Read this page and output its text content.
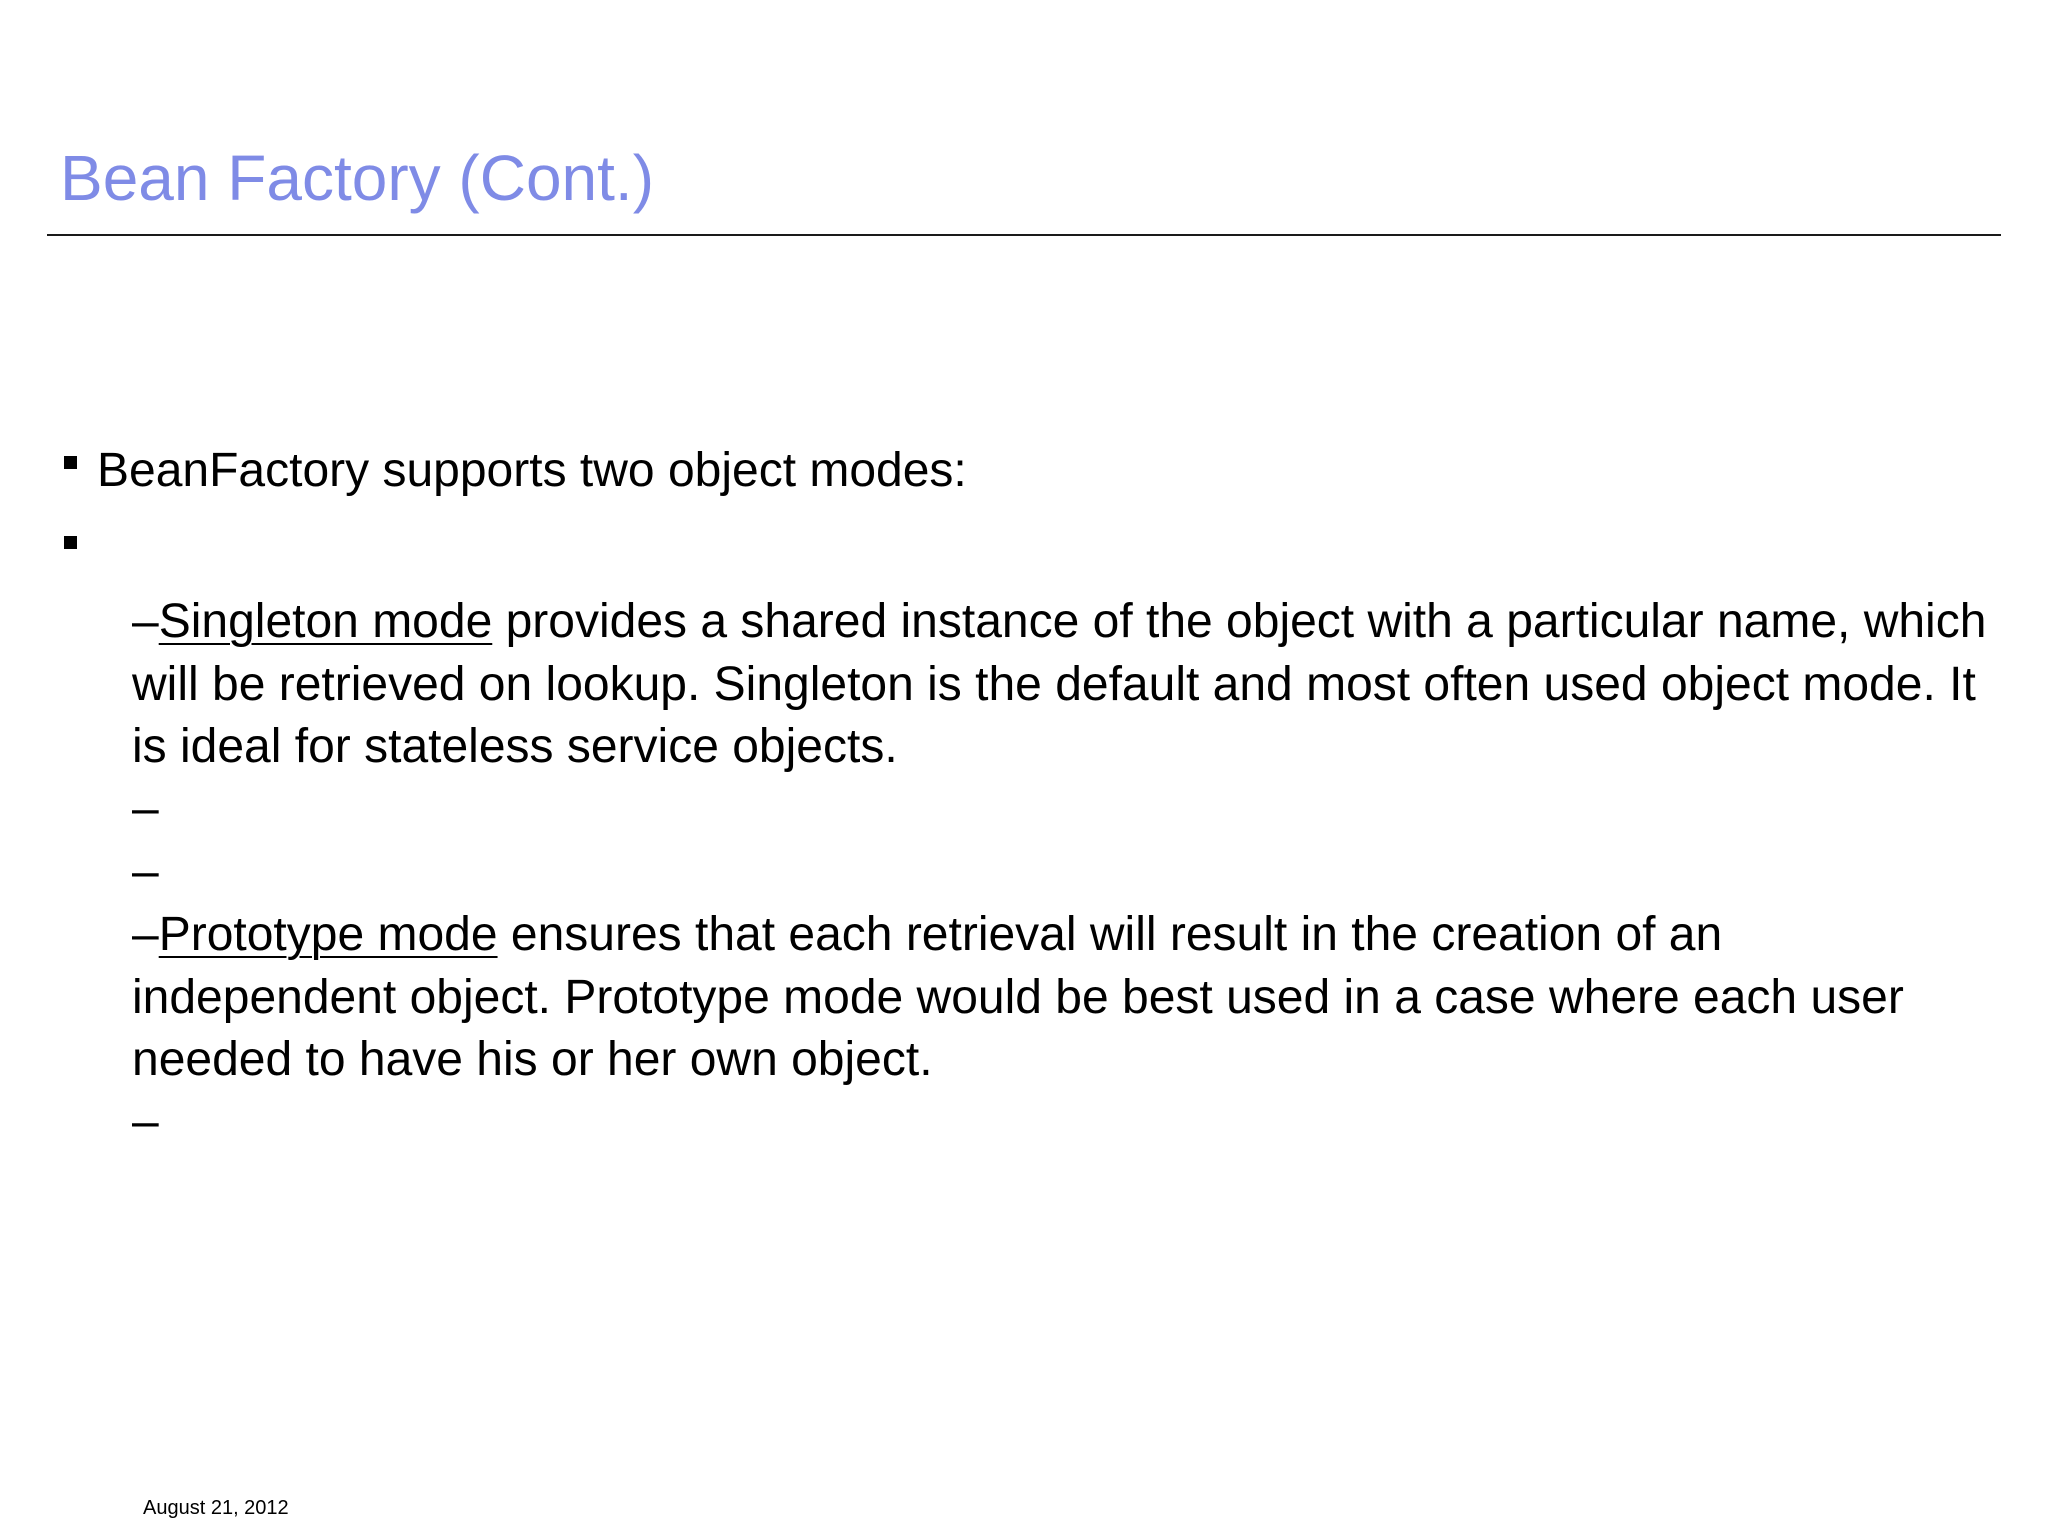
Bean Factory (Cont.)
BeanFactory supports two object modes:
–Singleton mode provides a shared instance of the object with a particular name, which will be retrieved on lookup. Singleton is the default and most often used object mode. It is ideal for stateless service objects.
–
–
–Prototype mode ensures that each retrieval will result in the creation of an independent object. Prototype mode would be best used in a case where each user needed to have his or her own object.
–
August 21, 2012
